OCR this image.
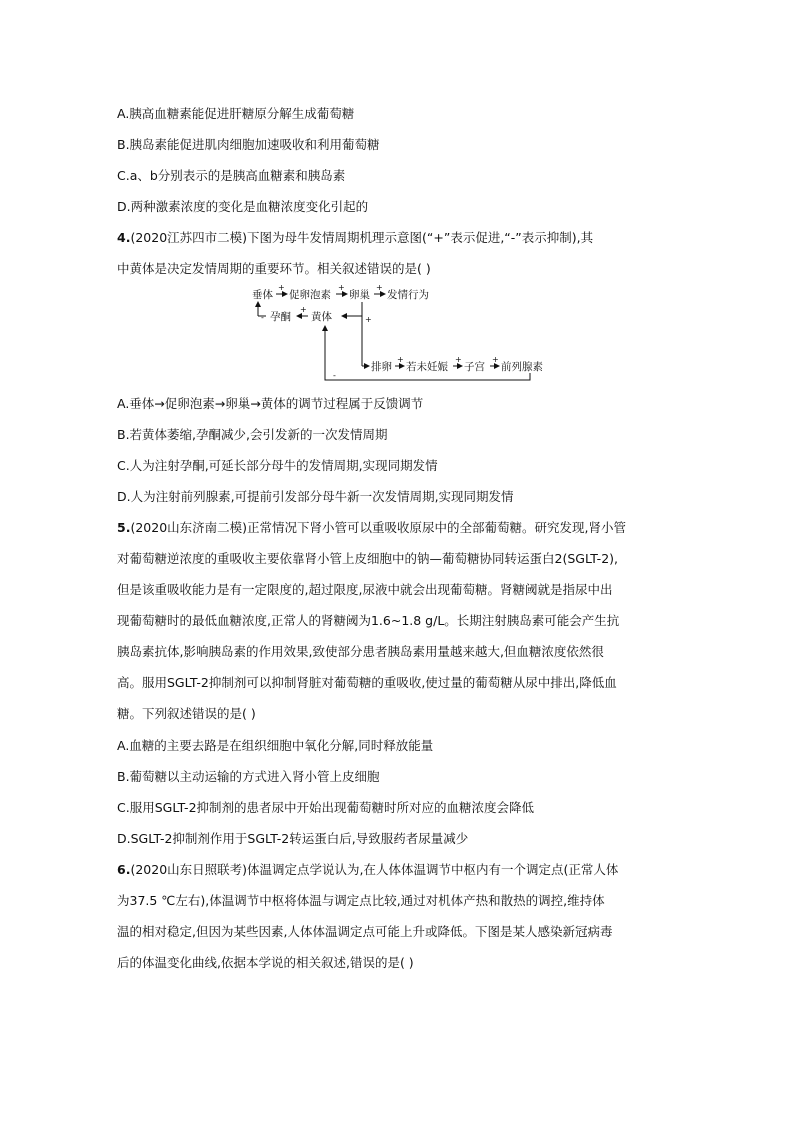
A.胰高血糖素能促进肝糖原分解生成葡萄糖
B.胰岛素能促进肌肉细胞加速吸收和利用葡萄糖
C.a、b分别表示的是胰高血糖素和胰岛素
D.两种激素浓度的变化是血糖浓度变化引起的
4.(2020江苏四市二模)下图为母牛发情周期机理示意图(“+”表示促进,“-”表示抑制),其
中黄体是决定发情周期的重要环节。相关叙述错误的是( )
垂体
+
促卵泡素
+
卵巢
+
发情行为
- 孕酮
+
黄体	+
排卵
+
若未妊娠
+
子宫
+
前列腺素
-
A.垂体→促卵泡素→卵巢→黄体的调节过程属于反馈调节
B.若黄体萎缩,孕酮减少,会引发新的一次发情周期
C.人为注射孕酮,可延长部分母牛的发情周期,实现同期发情
D.人为注射前列腺素,可提前引发部分母牛新一次发情周期,实现同期发情
5.(2020山东济南二模)正常情况下肾小管可以重吸收原尿中的全部葡萄糖。研究发现,肾小管
对葡萄糖逆浓度的重吸收主要依靠肾小管上皮细胞中的钠—葡萄糖协同转运蛋白2(SGLT-2),
但是该重吸收能力是有一定限度的,超过限度,尿液中就会出现葡萄糖。肾糖阈就是指尿中出
现葡萄糖时的最低血糖浓度,正常人的肾糖阈为1.6~1.8 g/L。长期注射胰岛素可能会产生抗
胰岛素抗体,影响胰岛素的作用效果,致使部分患者胰岛素用量越来越大,但血糖浓度依然很
高。服用SGLT-2抑制剂可以抑制肾脏对葡萄糖的重吸收,使过量的葡萄糖从尿中排出,降低血
糖。下列叙述错误的是( )
A.血糖的主要去路是在组织细胞中氧化分解,同时释放能量
B.葡萄糖以主动运输的方式进入肾小管上皮细胞
C.服用SGLT-2抑制剂的患者尿中开始出现葡萄糖时所对应的血糖浓度会降低
D.SGLT-2抑制剂作用于SGLT-2转运蛋白后,导致服药者尿量减少
6.(2020山东日照联考)体温调定点学说认为,在人体体温调节中枢内有一个调定点(正常人体
为37.5 ℃左右),体温调节中枢将体温与调定点比较,通过对机体产热和散热的调控,维持体
温的相对稳定,但因为某些因素,人体体温调定点可能上升或降低。下图是某人感染新冠病毒
后的体温变化曲线,依据本学说的相关叙述,错误的是( )
